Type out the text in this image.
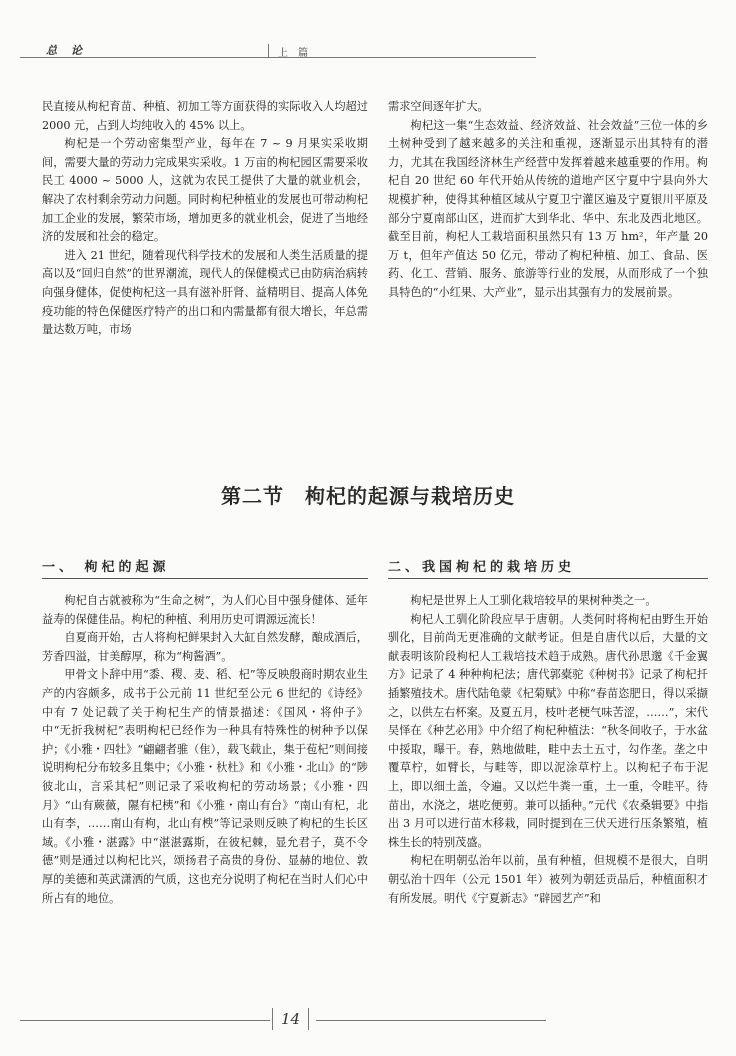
总论	上篇

民直接从枸杞育苗、种植、初加工等方面获得的实际收入人均超过 2000 元，占到人均纯收入的 45% 以上。

枸杞是一个劳动密集型产业，每年在 7 ~ 9 月果实采收期间，需要大量的劳动力完成果实采收。1 万亩的枸杞园区需要采收民工 4000 ~ 5000 人，这就为农民工提供了大量的就业机会，解决了农村剩余劳动力问题。同时枸杞种植业的发展也可带动枸杞加工企业的发展，繁荣市场，增加更多的就业机会，促进了当地经济的发展和社会的稳定。

进入 21 世纪，随着现代科学技术的发展和人类生活质量的提高以及“回归自然”的世界潮流，现代人的保健模式已由防病治病转向强身健体，促使枸杞这一具有滋补肝肾、益精明目、提高人体免疫功能的特色保健医疗特产的出口和内需量都有很大增长，年总需量达数万吨，市场

需求空间逐年扩大。

枸杞这一集“生态效益、经济效益、社会效益”三位一体的乡土树种受到了越来越多的关注和重视，逐渐显示出其特有的潜力，尤其在我国经济林生产经营中发挥着越来越重要的作用。枸杞自 20 世纪 60 年代开始从传统的道地产区宁夏中宁县向外大规模扩种，使得其种植区域从宁夏卫宁灌区遍及宁夏银川平原及部分宁夏南部山区，进而扩大到华北、华中、东北及西北地区。截至目前，枸杞人工栽培面积虽然只有 13 万 hm²，年产量 20 万 t，但年产值达 50 亿元，带动了枸杞种植、加工、食品、医药、化工、营销、服务、旅游等行业的发展，从而形成了一个独具特色的“小红果、大产业”，显示出其强有力的发展前景。

第二节　枸杞的起源与栽培历史
一、 枸杞的起源	二、我国枸杞的栽培历史

枸杞自古就被称为“生命之树”，为人们心目中强身健体、延年益寿的保健佳品。枸杞的种植、利用历史可谓源远流长！

自夏商开始，古人将枸杞鲜果封入大缸自然发酵，酿成酒后，芳香四溢，甘美醇厚，称为“枸酱酒”。

甲骨文卜辞中用“黍、稷、麦、稻、杞”等反映殷商时期农业生产的内容颇多，成书于公元前 11 世纪至公元 6 世纪的《诗经》中有 7 处记载了关于枸杞生产的情景描述：《国风・将仲子》中“无折我树杞”表明枸杞已经作为一种具有特殊性的树种予以保护；《小雅・四牡》“翩翩者骓（隹），载飞载止，集于苞杞”则间接说明枸杞分布较多且集中；《小雅・杕杜》和《小雅・北山》的“陟彼北山，言采其杞”则记录了采收枸杞的劳动场景；《小雅・四月》“山有蕨薇，隰有杞桋”和《小雅・南山有台》“南山有杞，北山有李，……南山有枸，北山有楰”等记录则反映了枸杞的生长区域。《小雅・湛露》中“湛湛露斯，在彼杞棘，显允君子，莫不令德”则是通过以枸杞比兴，颂扬君子高贵的身份、显赫的地位、敦厚的美德和英武潇洒的气质，这也充分说明了枸杞在当时人们心中所占有的地位。

枸杞是世界上人工驯化栽培较早的果树种类之一。

枸杞人工驯化阶段应早于唐朝。人类何时将枸杞由野生开始驯化，目前尚无更准确的文献考证。但是自唐代以后，大量的文献表明该阶段枸杞人工栽培技术趋于成熟。唐代孙思邈《千金翼方》记录了 4 种种枸杞法；唐代郭橐驼《种树书》记录了枸杞扦插繁殖技术。唐代陆龟蒙《杞菊赋》中称“春苗恣肥日，得以采撷之，以供左右杯案。及夏五月，枝叶老梗气味苦涩，……”，宋代吴怿在《种艺必用》中介绍了枸杞种植法：“秋冬间收子，于水盆中挼取，曝干。春，熟地做畦，畦中去土五寸，勾作垄。垄之中覆草柠，如臂长，与畦等，即以泥涂草柠上。以枸杞子布于泥上，即以细土盖，令遍。又以烂牛粪一重，土一重，令畦平。待苗出，水浇之，堪吃便剪。兼可以插种。”元代《农桑辑要》中指出 3 月可以进行苗木移栽，同时提到在三伏天进行压条繁殖，植株生长的特别茂盛。

枸杞在明朝弘治年以前，虽有种植，但规模不是很大，自明朝弘治十四年（公元 1501 年）被列为朝廷贡品后，种植面积才有所发展。明代《宁夏新志》“辟园艺产”和

14
